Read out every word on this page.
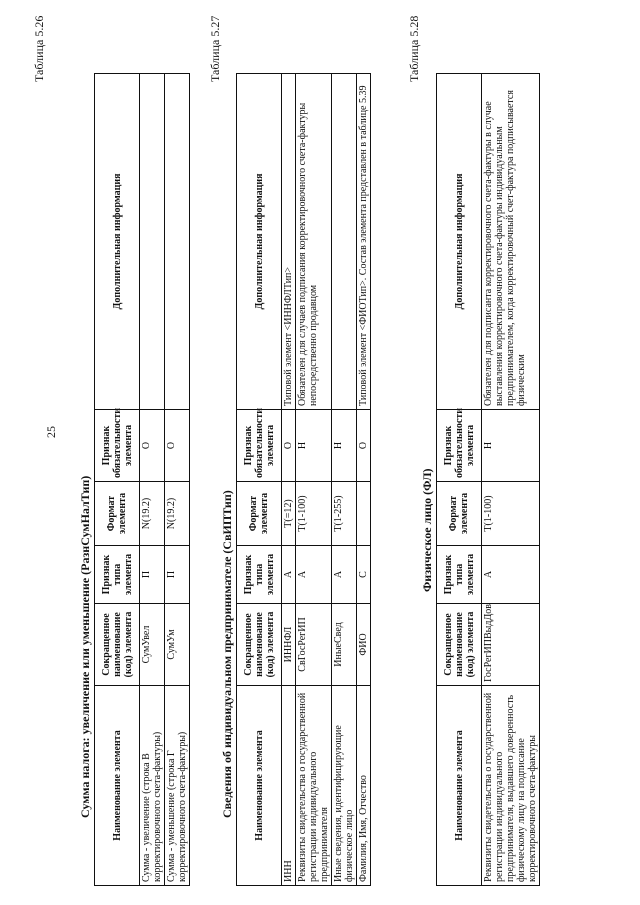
25
Таблица 5.26
Сумма налога: увеличение или уменьшение (РазнСумНалТип) Наименование элемента	Сокращенное наименование (код) элемента	Признак типа элемента	Формат элемента	Признак обязательности элемента	Дополнительная информация
Сумма - увеличение (строка В корректировочного счета-фактуры)	СумУвел	П	N(19.2)	О	
Сумма - уменьшение (строка Г корректировочного счета-фактуры)	СумУм	П	N(19.2)	О	
Таблица 5.27
Сведения об индивидуальном предпринимателе (СвИПТип) Наименование элемента	Сокращенное наименование (код) элемента	Признак типа элемента	Формат элемента	Признак обязательности элемента	Дополнительная информация
ИНН	ИННФЛ	А	Т(=12)	О	Типовой элемент <ИННФЛТип>
Реквизиты свидетельства о государственной регистрации индивидуального предпринимателя	СвГосРегИП	А	Т(1-100)	Н	Обязателен для случаев подписания корректировочного счета-фактуры непосредственно продавцом
Иные сведения, идентифицирующие физическое лицо	ИныеСвед	А	Т(1-255)	Н	
Фамилия, Имя, Отчество	ФИО	С		О	Типовой элемент <ФИОТип>. Состав элемента представлен в таблице 5.39
Таблица 5.28
Физическое лицо (ФЛ)
Наименование элемента	Сокращенное наименование (код) элемента	Признак типа элемента	Формат элемента	Признак обязательности элемента	Дополнительная информация
Реквизиты свидетельства о государственной регистрации индивидуального предпринимателя, выдавшего доверенность физическому лицу на подписание корректировочного счета-фактуры	ГосРегИПВыдДов	А	Т(1-100)	Н	Обязателен для подписанта корректировочного счета-фактуры в случае выставления корректировочного счета-фактуры индивидуальным предпринимателем, когда корректировочный счет-фактура подписывается физическим
